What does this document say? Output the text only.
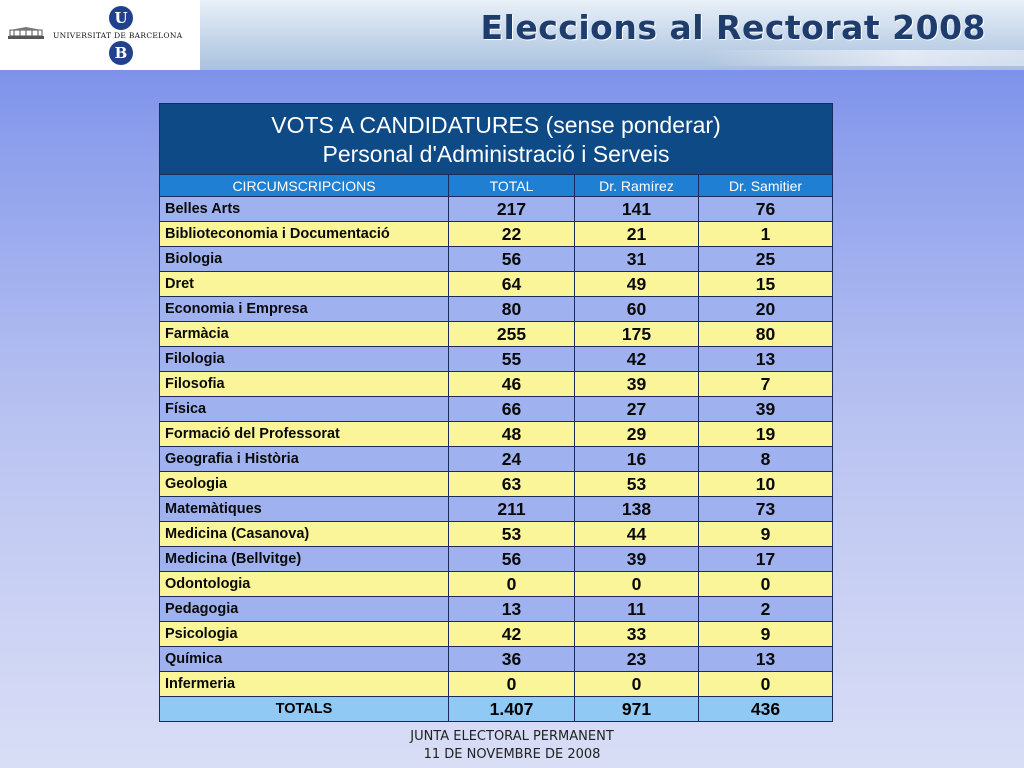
UNIVERSITAT DE BARCELONA
U
B
Eleccions al Rectorat 2008
VOTS A CANDIDATURES (sense ponderar)
Personal d'Administració i Serveis			

CIRCUMSCRIPCIONS	TOTAL	Dr. Ramírez	Dr. Samitier
Belles Arts	217	141	76
Biblioteconomia i Documentació	22	21	1
Biologia	56	31	25
Dret	64	49	15
Economia i Empresa	80	60	20
Farmàcia	255	175	80
Filologia	55	42	13
Filosofia	46	39	7
Física	66	27	39
Formació del Professorat	48	29	19
Geografia i Història	24	16	8
Geologia	63	53	10
Matemàtiques	211	138	73
Medicina (Casanova)	53	44	9
Medicina (Bellvitge)	56	39	17
Odontologia	0	0	0
Pedagogia	13	11	2
Psicologia	42	33	9
Química	36	23	13
Infermeria	0	0	0
TOTALS	1.407	971	436
JUNTA ELECTORAL PERMANENT
11 DE NOVEMBRE DE 2008
